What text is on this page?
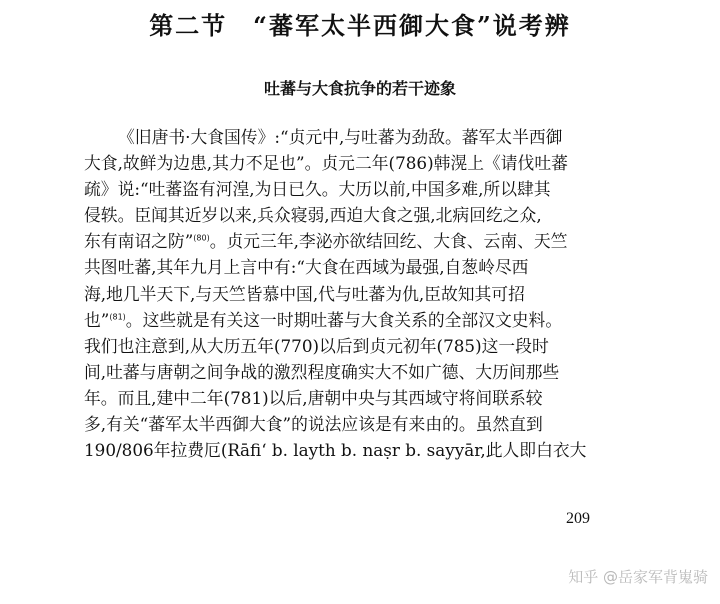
第二节　“蕃军太半西御大食”说考辨
吐蕃与大食抗争的若干迹象
《旧唐书·大食国传》:“贞元中,与吐蕃为劲敌。蕃军太半西御
大食,故鲜为边患,其力不足也”。贞元二年(786)韩滉上《请伐吐蕃
疏》说:“吐蕃盗有河湟,为日已久。大历以前,中国多难,所以肆其
侵轶。臣闻其近岁以来,兵众寝弱,西迫大食之强,北病回纥之众,
东有南诏之防”$^{(80)}$。贞元三年,李泌亦欲结回纥、大食、云南、天竺
共图吐蕃,其年九月上言中有:“大食在西域为最强,自葱岭尽西
海,地几半天下,与天竺皆慕中国,代与吐蕃为仇,臣故知其可招
也”$^{(81)}$。这些就是有关这一时期吐蕃与大食关系的全部汉文史料。
我们也注意到,从大历五年(770)以后到贞元初年(785)这一段时
间,吐蕃与唐朝之间争战的激烈程度确实大不如广德、大历间那些
年。而且,建中二年(781)以后,唐朝中央与其西域守将间联系较
多,有关“蕃军太半西御大食”的说法应该是有来由的。虽然直到
190/806年拉费厄(Rāfi‘ b. layth b. naṣr b. sayyār,此人即白衣大
209
知乎 @岳家军背嵬骑
